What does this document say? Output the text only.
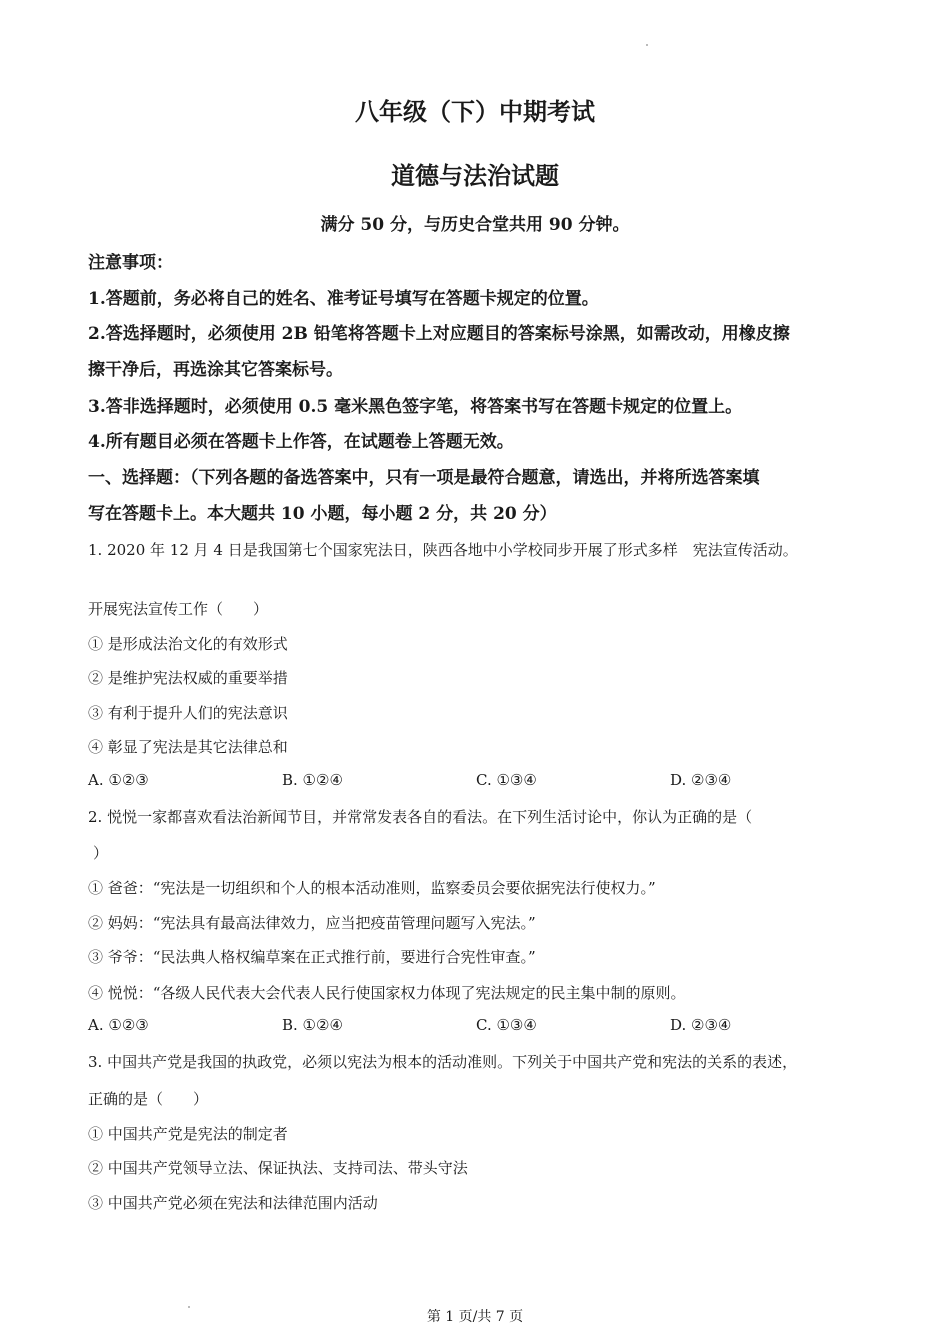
八年级（下）中期考试
道德与法治试题
满分 50 分，与历史合堂共用 90 分钟。
注意事项：
1.答题前，务必将自己的姓名、准考证号填写在答题卡规定的位置。
2.答选择题时，必须使用 2B 铅笔将答题卡上对应题目的答案标号涂黑，如需改动，用橡皮擦
擦干净后，再选涂其它答案标号。
3.答非选择题时，必须使用 0.5 毫米黑色签字笔，将答案书写在答题卡规定的位置上。
4.所有题目必须在答题卡上作答，在试题卷上答题无效。
一、选择题：（下列各题的备选答案中，只有一项是最符合题意，请选出，并将所选答案填
写在答题卡上。本大题共 10 小题，每小题 2 分，共 20 分）
1. 2020 年 12 月 4 日是我国第七个国家宪法日，陕西各地中小学校同步开展了形式多样　宪法宣传活动。
开展宪法宣传工作（　　）
① 是形成法治文化的有效形式
② 是维护宪法权威的重要举措
③ 有利于提升人们的宪法意识
④ 彰显了宪法是其它法律总和
A. ①②③	B. ①②④	C. ①③④	D. ②③④
2. 悦悦一家都喜欢看法治新闻节目，并常常发表各自的看法。在下列生活讨论中，你认为正确的是（
）
① 爸爸：“宪法是一切组织和个人的根本活动准则，监察委员会要依据宪法行使权力。”
② 妈妈：“宪法具有最高法律效力，应当把疫苗管理问题写入宪法。”
③ 爷爷：“民法典人格权编草案在正式推行前，要进行合宪性审查。”
④ 悦悦：“各级人民代表大会代表人民行使国家权力体现了宪法规定的民主集中制的原则。
A. ①②③	B. ①②④	C. ①③④	D. ②③④
3. 中国共产党是我国的执政党，必须以宪法为根本的活动准则。下列关于中国共产党和宪法的关系的表述，
正确的是（　　）
① 中国共产党是宪法的制定者
② 中国共产党领导立法、保证执法、支持司法、带头守法
③ 中国共产党必须在宪法和法律范围内活动
第 1 页/共 7 页
